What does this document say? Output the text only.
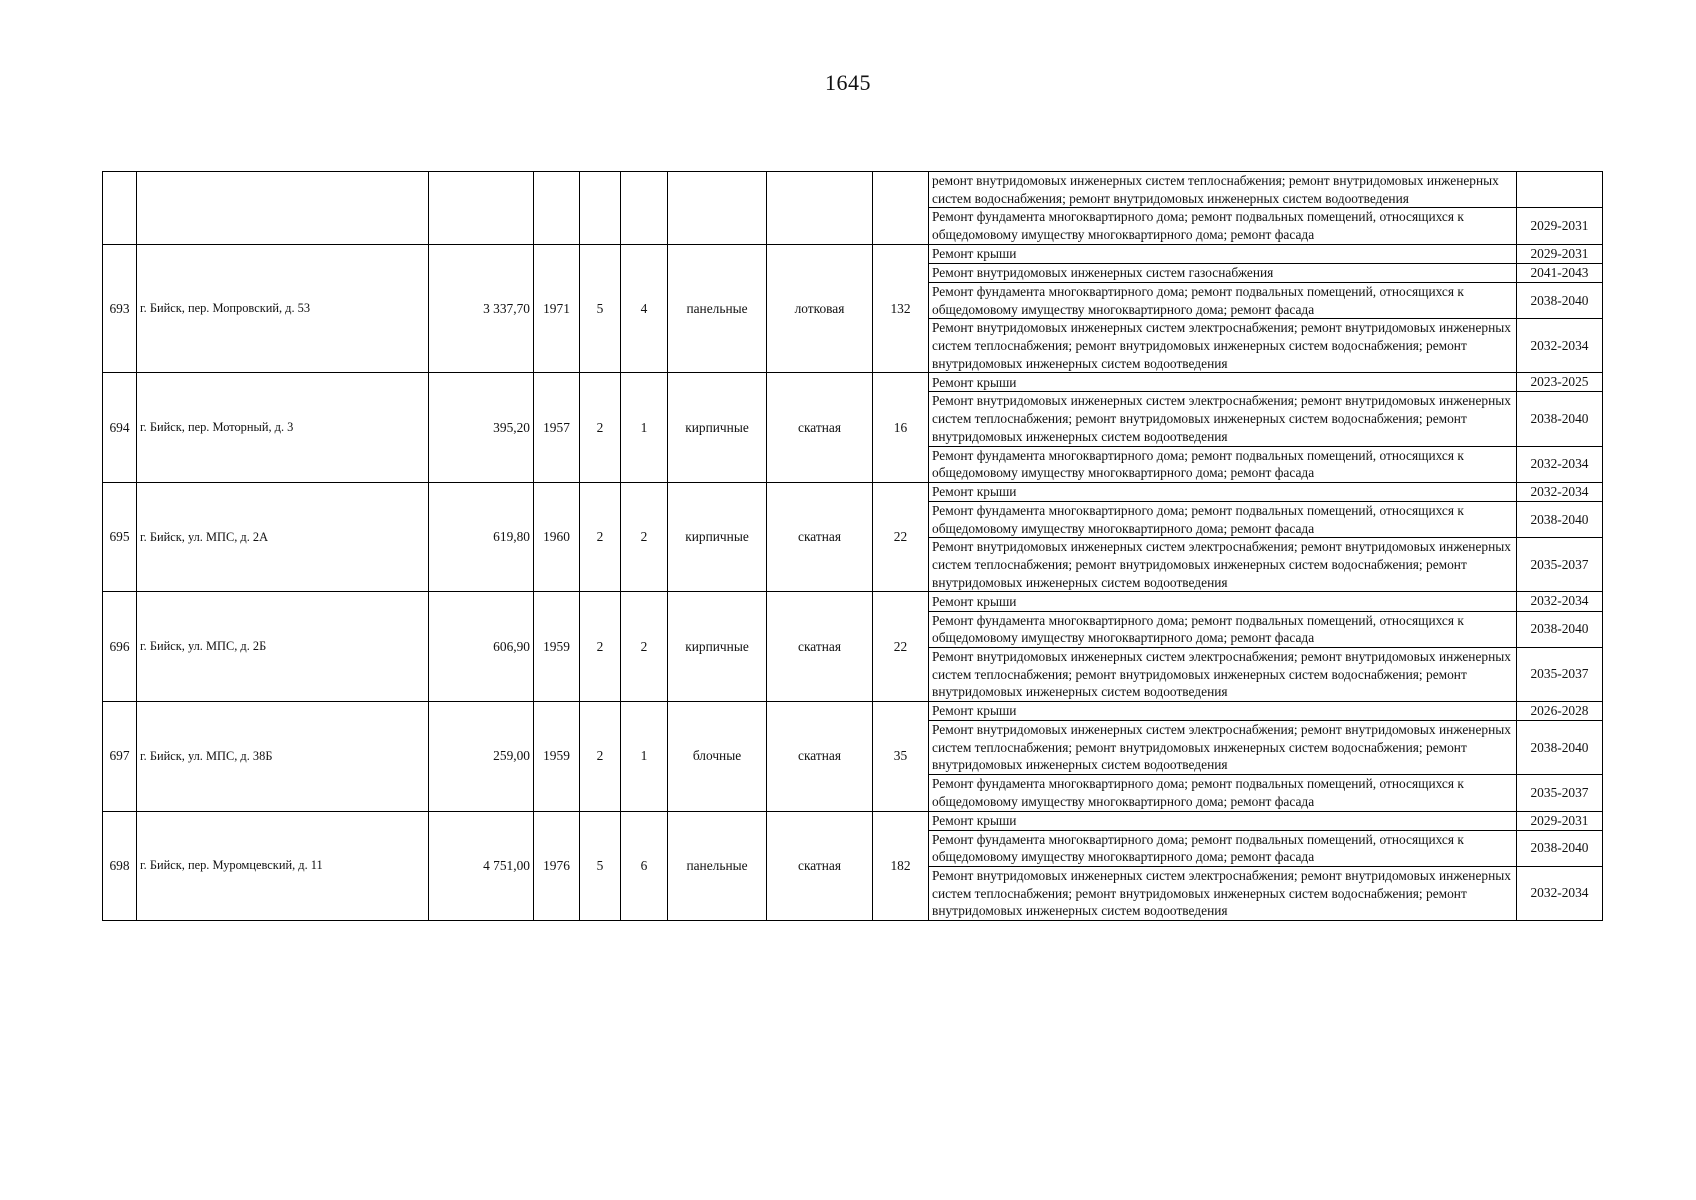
1645
									ремонт внутридомовых инженерных систем теплоснабжения; ремонт внутридомовых инженерных систем водоснабжения; ремонт внутридомовых инженерных систем водоотведения	
									Ремонт фундамента многоквартирного дома; ремонт подвальных помещений, относящихся к общедомовому имуществу многоквартирного дома; ремонт фасада	2029-2031
693	г. Бийск, пер. Мопровский, д. 53	3 337,70	1971	5	4	панельные	лотковая	132	Ремонт крыши	2029-2031
									Ремонт внутридомовых инженерных систем газоснабжения	2041-2043
									Ремонт фундамента многоквартирного дома; ремонт подвальных помещений, относящихся к общедомовому имуществу многоквартирного дома; ремонт фасада	2038-2040
									Ремонт внутридомовых инженерных систем электроснабжения; ремонт внутридомовых инженерных систем теплоснабжения; ремонт внутридомовых инженерных систем водоснабжения; ремонт внутридомовых инженерных систем водоотведения	2032-2034
694	г. Бийск, пер. Моторный, д. 3	395,20	1957	2	1	кирпичные	скатная	16	Ремонт крыши	2023-2025
									Ремонт внутридомовых инженерных систем электроснабжения; ремонт внутридомовых инженерных систем теплоснабжения; ремонт внутридомовых инженерных систем водоснабжения; ремонт внутридомовых инженерных систем водоотведения	2038-2040
									Ремонт фундамента многоквартирного дома; ремонт подвальных помещений, относящихся к общедомовому имуществу многоквартирного дома; ремонт фасада	2032-2034
695	г. Бийск, ул. МПС, д. 2А	619,80	1960	2	2	кирпичные	скатная	22	Ремонт крыши	2032-2034
									Ремонт фундамента многоквартирного дома; ремонт подвальных помещений, относящихся к общедомовому имуществу многоквартирного дома; ремонт фасада	2038-2040
									Ремонт внутридомовых инженерных систем электроснабжения; ремонт внутридомовых инженерных систем теплоснабжения; ремонт внутридомовых инженерных систем водоснабжения; ремонт внутридомовых инженерных систем водоотведения	2035-2037
696	г. Бийск, ул. МПС, д. 2Б	606,90	1959	2	2	кирпичные	скатная	22	Ремонт крыши	2032-2034
									Ремонт фундамента многоквартирного дома; ремонт подвальных помещений, относящихся к общедомовому имуществу многоквартирного дома; ремонт фасада	2038-2040
									Ремонт внутридомовых инженерных систем электроснабжения; ремонт внутридомовых инженерных систем теплоснабжения; ремонт внутридомовых инженерных систем водоснабжения; ремонт внутридомовых инженерных систем водоотведения	2035-2037
697	г. Бийск, ул. МПС, д. 38Б	259,00	1959	2	1	блочные	скатная	35	Ремонт крыши	2026-2028
									Ремонт внутридомовых инженерных систем электроснабжения; ремонт внутридомовых инженерных систем теплоснабжения; ремонт внутридомовых инженерных систем водоснабжения; ремонт внутридомовых инженерных систем водоотведения	2038-2040
									Ремонт фундамента многоквартирного дома; ремонт подвальных помещений, относящихся к общедомовому имуществу многоквартирного дома; ремонт фасада	2035-2037
698	г. Бийск, пер. Муромцевский, д. 11	4 751,00	1976	5	6	панельные	скатная	182	Ремонт крыши	2029-2031
									Ремонт фундамента многоквартирного дома; ремонт подвальных помещений, относящихся к общедомовому имуществу многоквартирного дома; ремонт фасада	2038-2040
									Ремонт внутридомовых инженерных систем электроснабжения; ремонт внутридомовых инженерных систем теплоснабжения; ремонт внутридомовых инженерных систем водоснабжения; ремонт внутридомовых инженерных систем водоотведения	2032-2034
